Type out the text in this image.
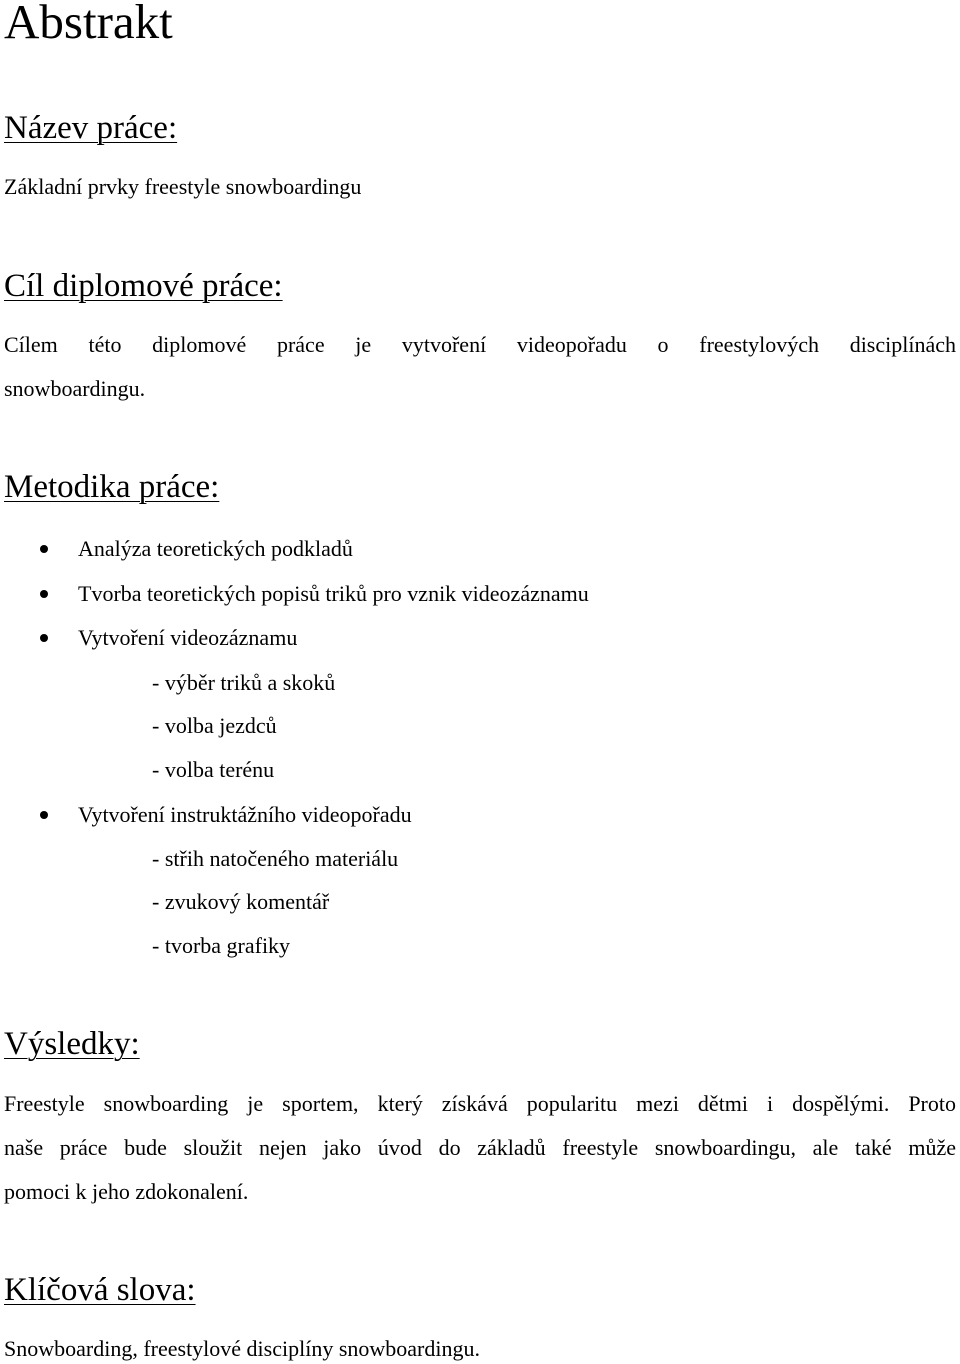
Abstrakt
Název práce:

Základní prvky freestyle snowboardingu

Cíl diplomové práce:

Cílem této diplomové práce je vytvoření videopořadu o freestylových disciplínách

snowboardingu.

Metodika práce:
Analýza teoretických podkladů
Tvorba teoretických popisů triků pro vznik videozáznamu
Vytvoření videozáznamu
- výběr triků a skoků
- volba jezdců
- volba terénu
Vytvoření instruktážního videopořadu
- střih natočeného materiálu
- zvukový komentář
- tvorba grafiky
Výsledky:

Freestyle snowboarding je sportem, který získává popularitu mezi dětmi i dospělými. Proto

naše práce bude sloužit nejen jako úvod do základů freestyle snowboardingu, ale také může

pomoci k jeho zdokonalení.

Klíčová slova:

Snowboarding, freestylové disciplíny snowboardingu.
